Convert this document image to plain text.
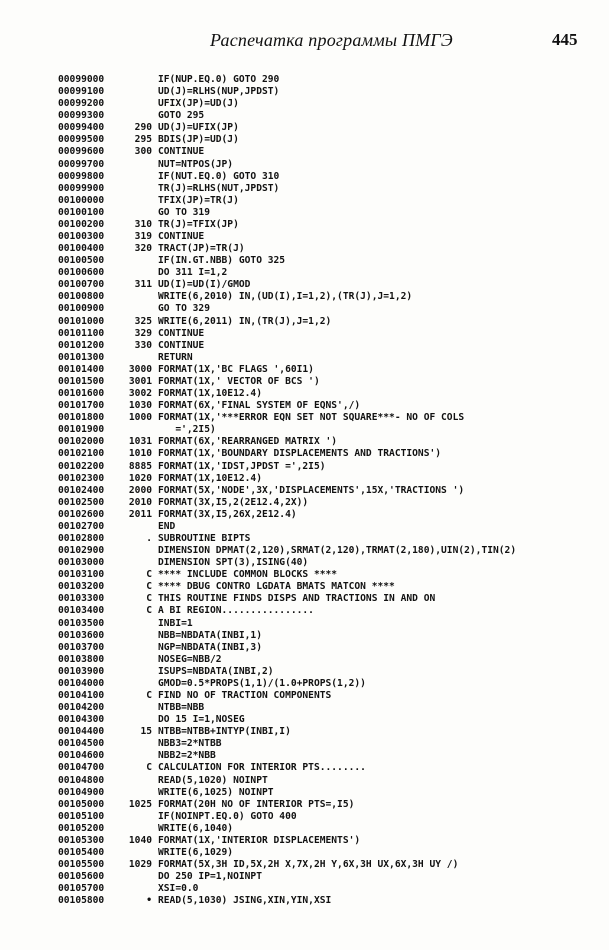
Распечатка программы ПМГЭ	445
00099000	IF(NUP.EQ.0) GOTO 290
00099100	UD(J)=RLHS(NUP,JPDST)
00099200	UFIX(JP)=UD(J)
00099300	GOTO 295
00099400	290 UD(J)=UFIX(JP)
00099500	295 BDIS(JP)=UD(J)
00099600	300 CONTINUE
00099700	NUT=NTPOS(JP)
00099800	IF(NUT.EQ.0) GOTO 310
00099900	TR(J)=RLHS(NUT,JPDST)
00100000	TFIX(JP)=TR(J)
00100100	GO TO 319
00100200	310 TR(J)=TFIX(JP)
00100300	319 CONTINUE
00100400	320 TRACT(JP)=TR(J)
00100500	IF(IN.GT.NBB) GOTO 325
00100600	DO 311 I=1,2
00100700	311 UD(I)=UD(I)/GMOD
00100800	WRITE(6,2010) IN,(UD(I),I=1,2),(TR(J),J=1,2)
00100900	GO TO 329
00101000	325 WRITE(6,2011) IN,(TR(J),J=1,2)
00101100	329 CONTINUE
00101200	330 CONTINUE
00101300	RETURN
00101400	3000 FORMAT(1X,'BC FLAGS ',60I1)
00101500	3001 FORMAT(1X,' VECTOR OF BCS ')
00101600	3002 FORMAT(1X,10E12.4)
00101700	1030 FORMAT(6X,'FINAL SYSTEM OF EQNS',/)
00101800	1000 FORMAT(1X,'***ERROR EQN SET NOT SQUARE***- NO OF COLS
00101900	=',2I5)
00102000	1031 FORMAT(6X,'REARRANGED MATRIX ')
00102100	1010 FORMAT(1X,'BOUNDARY DISPLACEMENTS AND TRACTIONS')
00102200	8885 FORMAT(1X,'IDST,JPDST =',2I5)
00102300	1020 FORMAT(1X,10E12.4)
00102400	2000 FORMAT(5X,'NODE',3X,'DISPLACEMENTS',15X,'TRACTIONS ')
00102500	2010 FORMAT(3X,I5,2(2E12.4,2X))
00102600	2011 FORMAT(3X,I5,26X,2E12.4)
00102700	END
00102800	. SUBROUTINE BIPTS
00102900	DIMENSION DPMAT(2,120),SRMAT(2,120),TRMAT(2,180),UIN(2),TIN(2)
00103000	DIMENSION SPT(3),ISING(40)
00103100	C **** INCLUDE COMMON BLOCKS ****
00103200	C **** DBUG CONTRO LGDATA BMATS MATCON ****
00103300	C THIS ROUTINE FINDS DISPS AND TRACTIONS IN AND ON
00103400	C A BI REGION................
00103500	INBI=1
00103600	NBB=NBDATA(INBI,1)
00103700	NGP=NBDATA(INBI,3)
00103800	NOSEG=NBB/2
00103900	ISUPS=NBDATA(INBI,2)
00104000	GMOD=0.5*PROPS(1,1)/(1.0+PROPS(1,2))
00104100	C FIND NO OF TRACTION COMPONENTS
00104200	NTBB=NBB
00104300	DO 15 I=1,NOSEG
00104400	15 NTBB=NTBB+INTYP(INBI,I)
00104500	NBB3=2*NTBB
00104600	NBB2=2*NBB
00104700	C CALCULATION FOR INTERIOR PTS........
00104800	READ(5,1020) NOINPT
00104900	WRITE(6,1025) NOINPT
00105000	1025 FORMAT(20H NO OF INTERIOR PTS=,I5)
00105100	IF(NOINPT.EQ.0) GOTO 400
00105200	WRITE(6,1040)
00105300	1040 FORMAT(1X,'INTERIOR DISPLACEMENTS')
00105400	WRITE(6,1029)
00105500	1029 FORMAT(5X,3H ID,5X,2H X,7X,2H Y,6X,3H UX,6X,3H UY /)
00105600	DO 250 IP=1,NOINPT
00105700	XSI=0.0
00105800	• READ(5,1030) JSING,XIN,YIN,XSI
